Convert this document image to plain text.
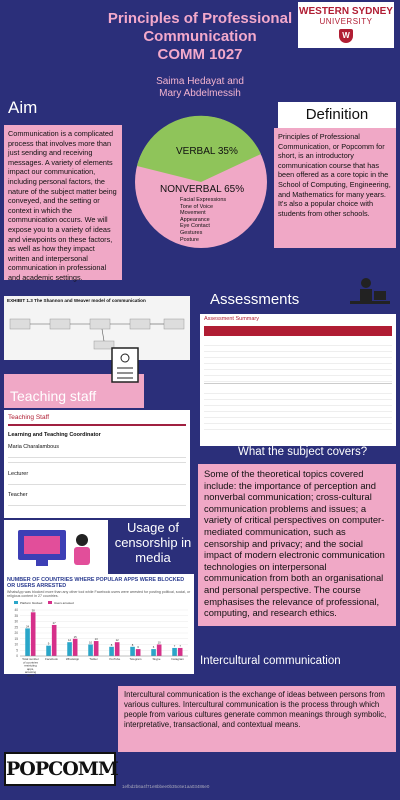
Principles of Professional
Communication
COMM 1027
Saima Hedayat and
Mary Abdelmessih
WESTERN SYDNEY
UNIVERSITY
W
Aim
Communication is a complicated process that involves more than just sending and receiving messages. A variety of elements impact our communication, including personal factors, the nature of the subject matter being conveyed, and the setting or context in which the communication occurs. We will expose you to a variety of ideas and viewpoints on these factors, as well as how they impact written and interpersonal communication in professional and academic settings.
VERBAL 35%
NONVERBAL 65%
Facial Expressions
Tone of Voice
Movement
Appearance
Eye Contact
Gestures
Posture
Definition
Principles of Professional Communication, or Popcomm for short, is an introductory communication course that has been offered as a core topic in the School of Computing, Engineering, and Mathematics for many years. It's also a popular choice with students from other schools.
EXHIBIT 1.3 The Shannon and Weaver model of communication	Assessments
Assessment Summary
Teaching staff
Teaching Staff
Learning and Teaching Coordinator
Maria Charalambous
Lecturer
Teacher
What the subject covers?
Some of the theoretical topics covered include: the importance of perception and nonverbal communication; cross-cultural communication problems and issues; a variety of critical perspectives on computer-mediated communication, such as censorship and privacy; and the social impact of modern electronic communication technologies on interpersonal communication from both an organisational and personal perspective. The course emphasises the relevance of professional, computing, and research ethics.
Usage of
censorship in
media
NUMBER OF COUNTRIES WHERE POPULAR APPS WERE BLOCKED OR USERS ARRESTED
WhatsApp was blocked more than any other tool while Facebook users were arrested for posting political, social, or religious content in 27 countries.
Platform blocked	Users arrested
0
5
10
15
20
25
30
35
40
24
38
Total number
of countries
restricting
apps,
arresting
users
9
27
Facebook
12
15
WhatsApp
10
13
Twitter
8
12
YouTube
8
6
Telegram
6
10
Skype
7 7
Instagram Intercultural communication
Intercultural communication is the exchange of ideas between persons from various cultures. Intercultural communication is the process through which people from various cultures generate common meanings through symbolic, interpretative, transactional, and contextual means.
POPCOMM
1efbd2b6a4f71e8bbee0b35c6e1aa03486e0
